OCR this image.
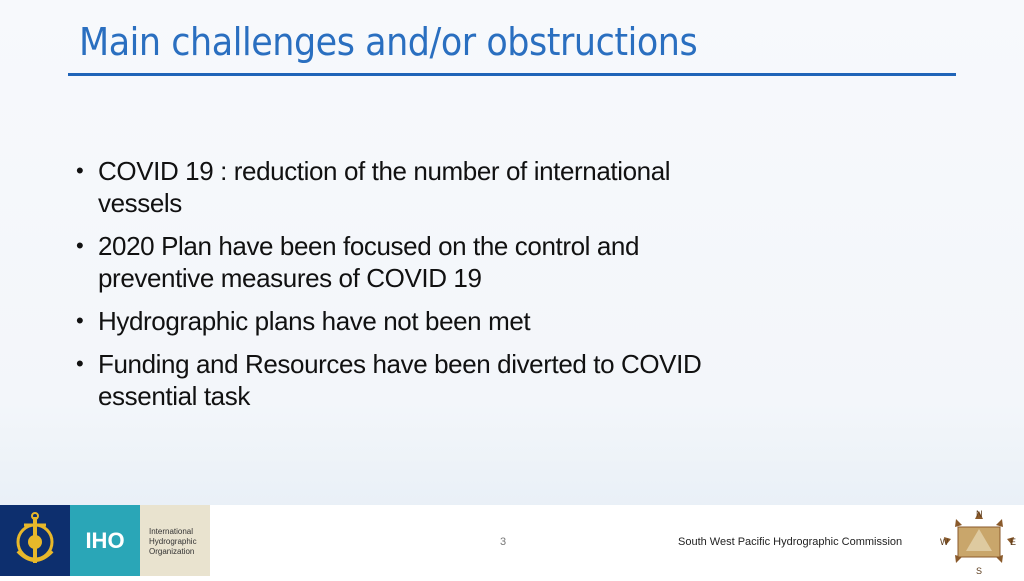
Main challenges and/or obstructions
• COVID 19 : reduction of the number of international vessels
• 2020 Plan have been focused on the control and preventive measures of COVID 19
• Hydrographic plans have not been met
• Funding and Resources have been diverted to COVID essential task
IHO	International
Hydrographic
Organization
3	South West Pacific Hydrographic Commission
N
W	E
S
